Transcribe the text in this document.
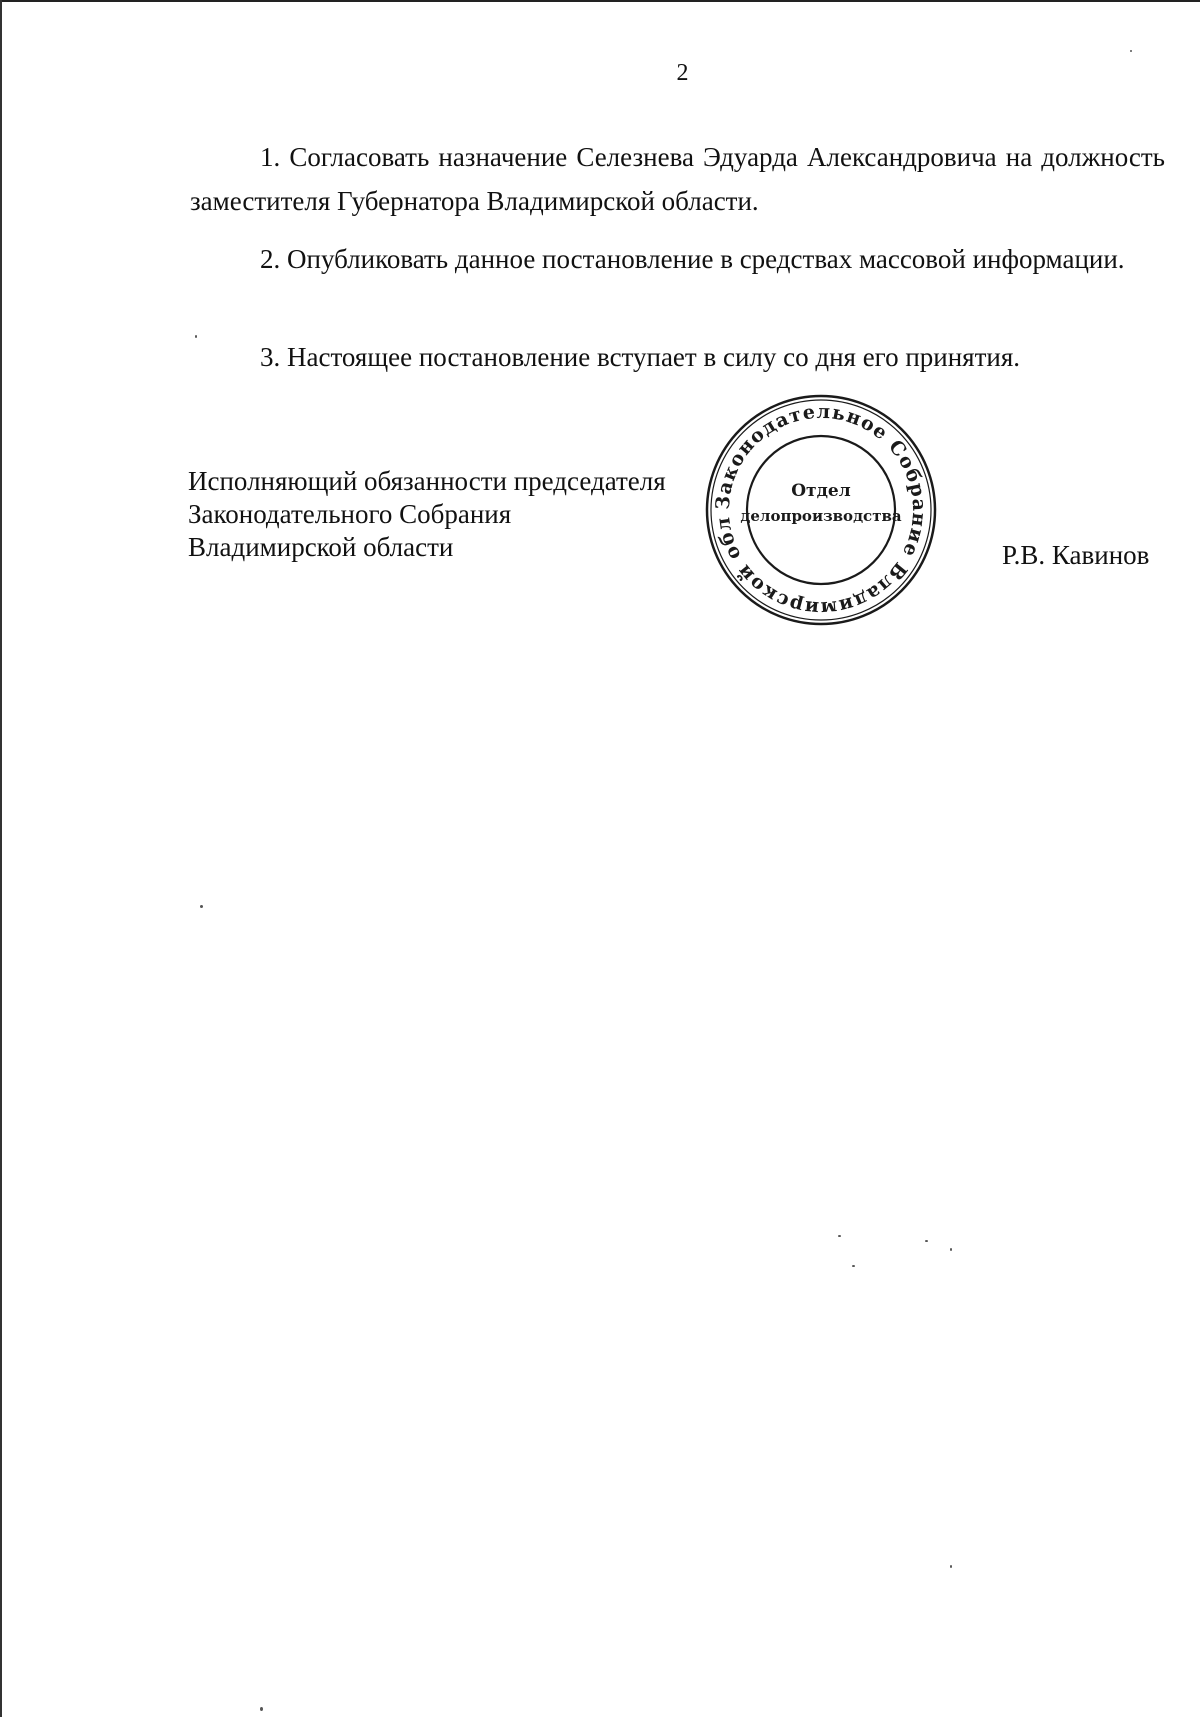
2

1. Согласовать назначение Селезнева Эдуарда Александровича на должность заместителя Губернатора Владимирской области.

2. Опубликовать данное постановление в средствах массовой информации.

3. Настоящее постановление вступает в силу со дня его принятия.

Исполняющий обязанности председателя
Законодательного Собрания
Владимирской области
Законодательное Собрание Владимирской обл
Отдел
делопроизводства
Р.В. Кавинов
